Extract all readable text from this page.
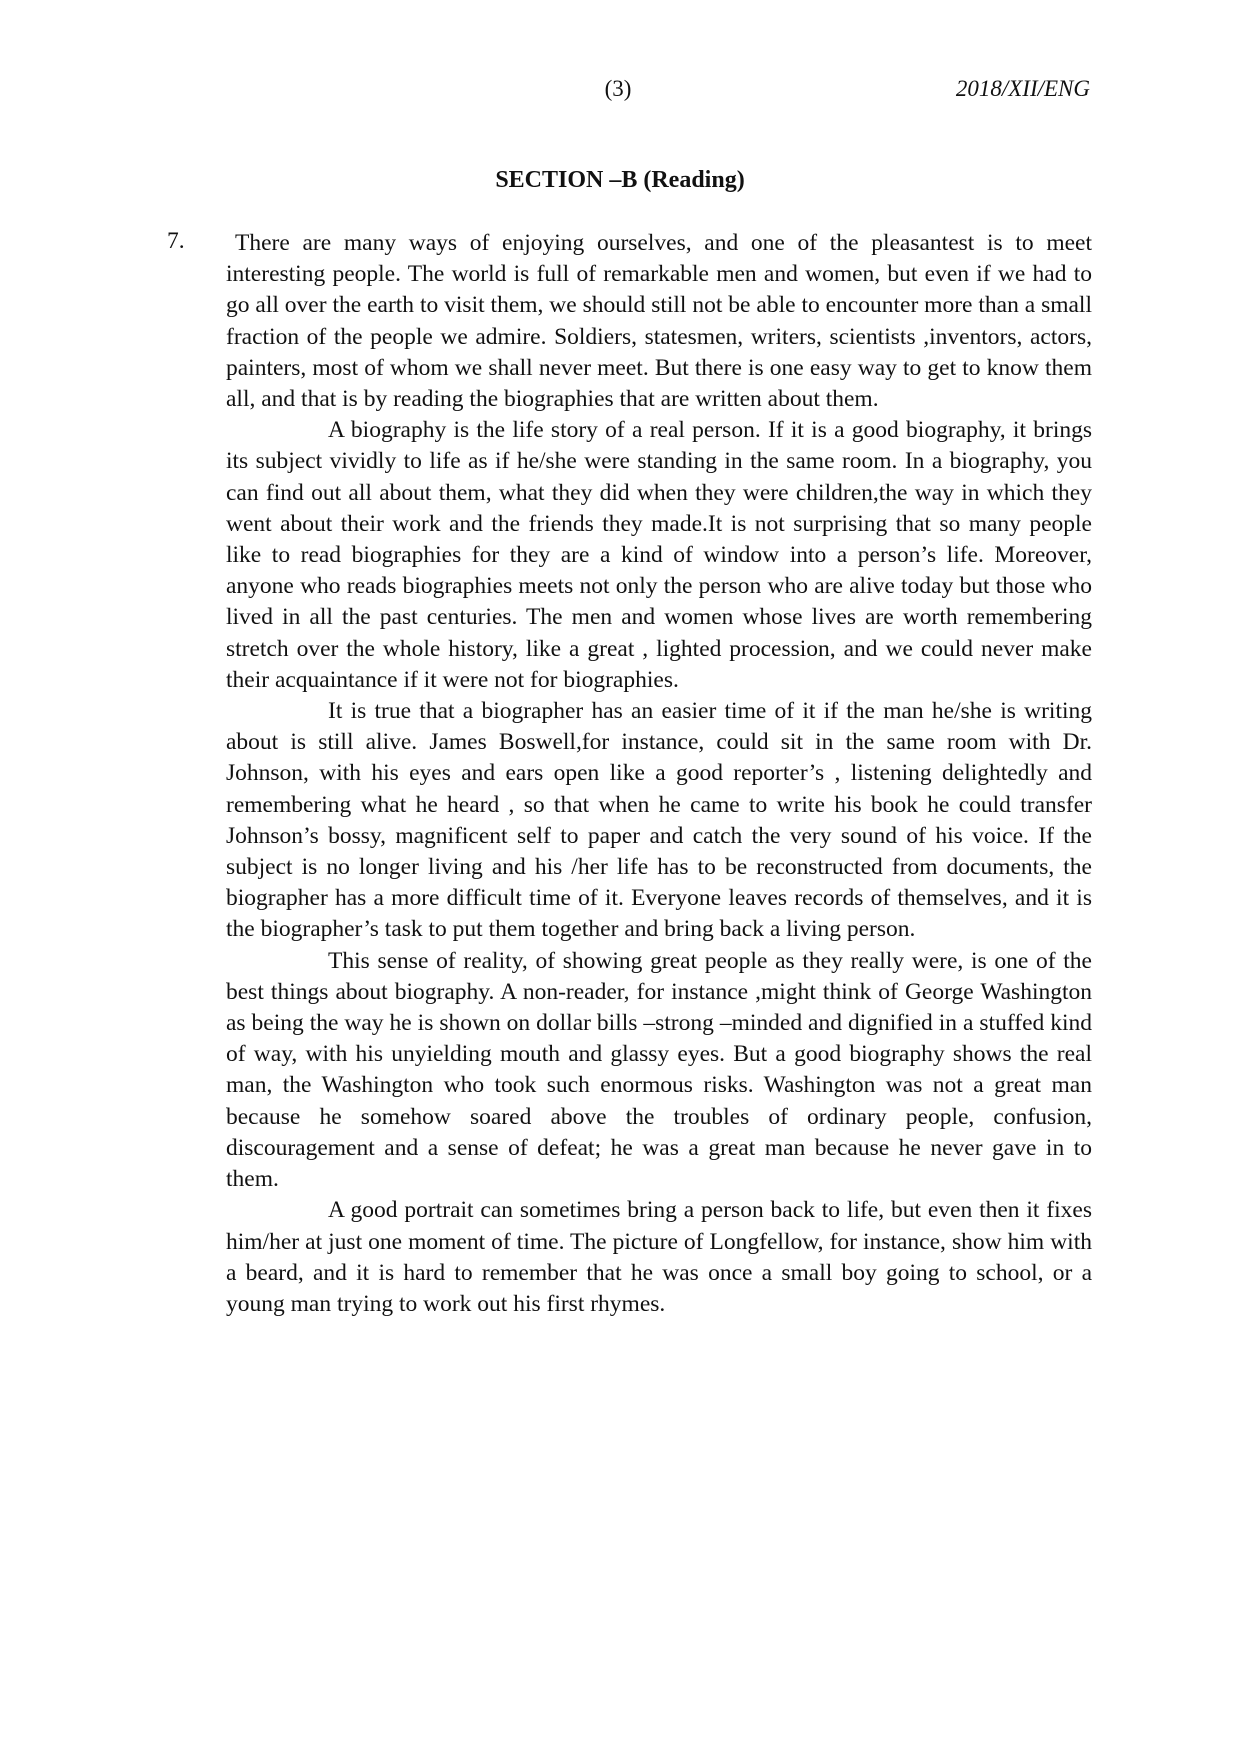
(3)	2018/XII/ENG
SECTION –B (Reading)
7.	There are many ways of enjoying ourselves, and one of the pleasantest is to meet interesting people. The world is full of remarkable men and women, but even if we had to go all over the earth to visit them, we should still not be able to encounter more than a small fraction of the people we admire. Soldiers, statesmen, writers, scientists ,inventors, actors, painters, most of whom we shall never meet. But there is one easy way to get to know them all, and that is by reading the biographies that are written about them.

A biography is the life story of a real person. If it is a good biography, it brings its subject vividly to life as if he/she were standing in the same room. In a biography, you can find out all about them, what they did when they were children,the way in which they went about their work and the friends they made.It is not surprising that so many people like to read biographies for they are a kind of window into a person’s life. Moreover, anyone who reads biographies meets not only the person who are alive today but those who lived in all the past centuries. The men and women whose lives are worth remembering stretch over the whole history, like a great , lighted procession, and we could never make their acquaintance if it were not for biographies.

It is true that a biographer has an easier time of it if the man he/she is writing about is still alive. James Boswell,for instance, could sit in the same room with Dr. Johnson, with his eyes and ears open like a good reporter’s , listening delightedly and remembering what he heard , so that when he came to write his book he could transfer Johnson’s bossy, magnificent self to paper and catch the very sound of his voice. If the subject is no longer living and his /her life has to be reconstructed from documents, the biographer has a more difficult time of it. Everyone leaves records of themselves, and it is the biographer’s task to put them together and bring back a living person.

This sense of reality, of showing great people as they really were, is one of the best things about biography. A non-reader, for instance ,might think of George Washington as being the way he is shown on dollar bills –strong –minded and dignified in a stuffed kind of way, with his unyielding mouth and glassy eyes. But a good biography shows the real man, the Washington who took such enormous risks. Washington was not a great man because he somehow soared above the troubles of ordinary people, confusion, discouragement and a sense of defeat; he was a great man because he never gave in to them.

A good portrait can sometimes bring a person back to life, but even then it fixes him/her at just one moment of time. The picture of Longfellow, for instance, show him with a beard, and it is hard to remember that he was once a small boy going to school, or a young man trying to work out his first rhymes.
